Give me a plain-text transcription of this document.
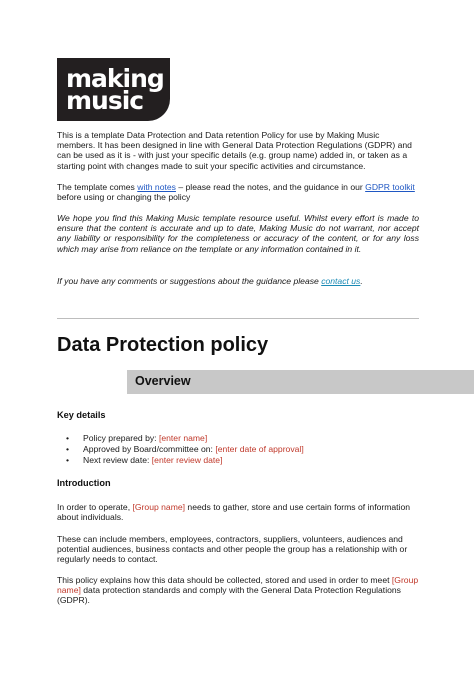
making
music

This is a template Data Protection and Data retention Policy for use by Making Music members. It has been designed in line with General Data Protection Regulations (GDPR) and can be used as it is - with just your specific details (e.g. group name) added in, or taken as a starting point with changes made to suit your specific activities and circumstance.

The template comes with notes – please read the notes, and the guidance in our GDPR toolkit before using or changing the policy

We hope you find this Making Music template resource useful. Whilst every effort is made to ensure that the content is accurate and up to date, Making Music do not warrant, nor accept any liability or responsibility for the completeness or accuracy of the content, or for any loss which may arise from reliance on the template or any information contained in it.

If you have any comments or suggestions about the guidance please contact us.

Data Protection policy
Overview
Key details
• Policy prepared by: [enter name]
• Approved by Board/committee on: [enter date of approval]
• Next review date: [enter review date]
Introduction

In order to operate, [Group name] needs to gather, store and use certain forms of information about individuals.

These can include members, employees, contractors, suppliers, volunteers, audiences and potential audiences, business contacts and other people the group has a relationship with or regularly needs to contact.

This policy explains how this data should be collected, stored and used in order to meet [Group name] data protection standards and comply with the General Data Protection Regulations (GDPR).
